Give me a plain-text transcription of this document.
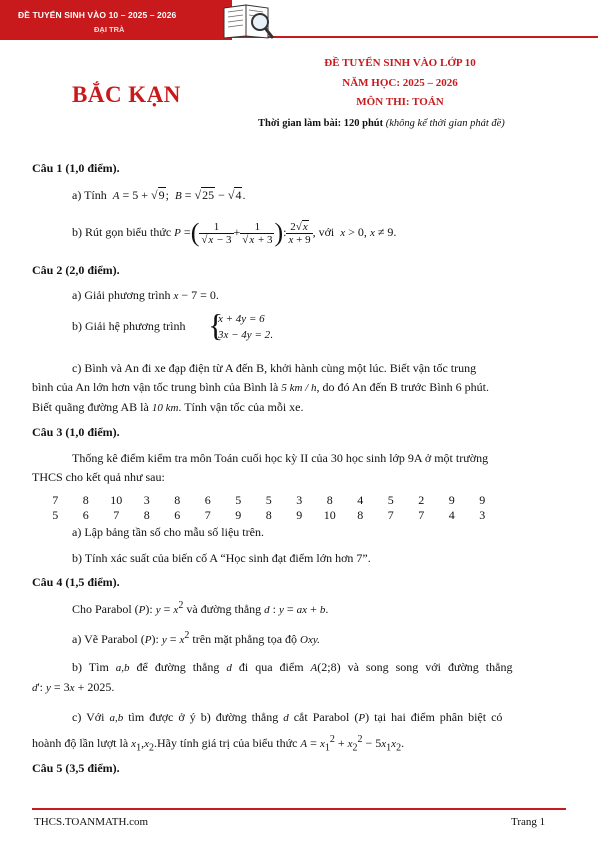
ĐỀ TUYỂN SINH VÀO 10 – 2025 – 2026
ĐẠI TRÀ
BẮC KẠN
ĐỀ TUYỂN SINH VÀO LỚP 10
NĂM HỌC: 2025 – 2026
MÔN THI: TOÁN
Thời gian làm bài: 120 phút (không kể thời gian phát đề)
Câu 1 (1,0 điểm).
a) Tính A = 5 + √9;  B = √25 − √4.
b) Rút gọn biểu thức P =( $\frac{1}{√x - 3} + \frac{1}{√x + 3}$ ): $\frac{2√x}{x + 9}$ , với x > 0, x ≠ 9.
Câu 2 (2,0 điểm).
a) Giải phương trình x − 7 = 0.
b) Giải hệ phương trình {
x + 4y = 6
3x − 4y = 2.
c) Bình và An đi xe đạp điện từ A đến B, khởi hành cùng một lúc. Biết vận tốc trung
bình của An lớn hơn vận tốc trung bình của Bình là 5 km / h, do đó An đến B trước Bình 6 phút.
Biết quãng đường AB là 10 km. Tính vận tốc của mỗi xe.
Câu 3 (1,0 điểm).
Thống kê điểm kiểm tra môn Toán cuối học kỳ II của 30 học sinh lớp 9A ở một trường
THCS cho kết quả như sau:
7	8	10	3	8	6	5	5	3	8	4	5	2	9	9
5	6	7	8	6	7	9	8	9	10	8	7	7	4	3
a) Lập bảng tần số cho mẫu số liệu trên.
b) Tính xác suất của biến cố A “Học sinh đạt điểm lớn hơn 7”.
Câu 4 (1,5 điểm).
Cho Parabol (P): $y = x^2$ và đường thẳng d : y = ax + b.
a) Vẽ Parabol (P): $y = x^2$ trên mặt phẳng tọa độ Oxy.
b) Tìm a,b để đường thẳng d đi qua điểm A(2;8) và song song với đường thẳng
d': y = 3x + 2025.
c) Với a,b tìm được ở ý b) đường thẳng d cắt Parabol (P) tại hai điểm phân biệt có
hoành độ lần lượt là $x_1,x_2.Hãy$ tính giá trị của biểu thức $A = x_1^2 + x_2^2 - 5x_1x_2$.
Câu 5 (3,5 điểm).
THCS.TOANMATH.com	Trang 1
